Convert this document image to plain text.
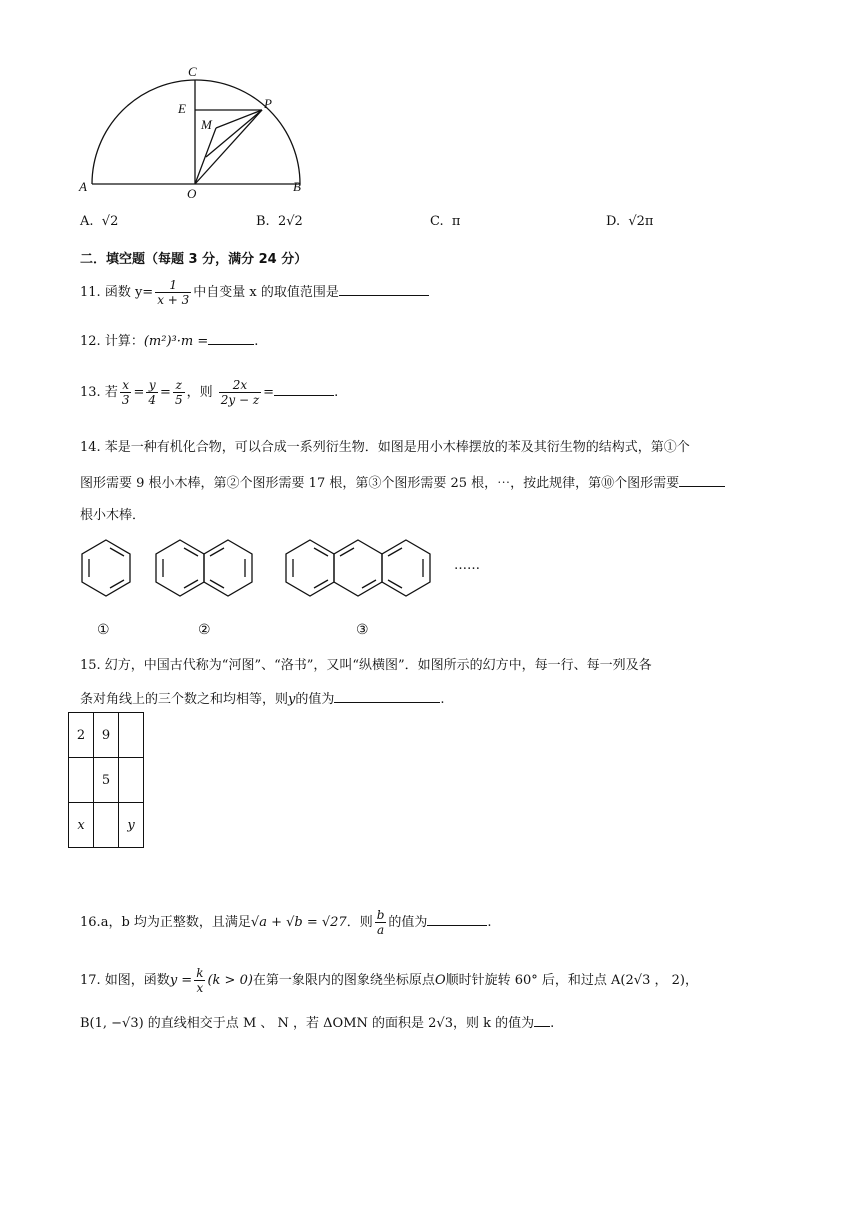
C
E	P
M
A	O	B
A. √2	B. 2√2	C. π	D. √2π
二．填空题（每题 3 分，满分 24 分）
11. 函数 $y= \frac{1}{x + 3}$ 中自变量 x 的取值范围是
12. 计算：(m²)³·m =	.
13. 若 $\frac{x}{3} = \frac{y}{4} = \frac{z}{5}$ ，则 $\frac{2x}{2y - z}$ =	.
14. 苯是一种有机化合物，可以合成一系列衍生物．如图是用小木棒摆放的苯及其衍生物的结构式，第①个
图形需要 9 根小木棒，第②个图形需要 17 根，第③个图形需要 25 根，⋯，按此规律，第⑩个图形需要
根小木棒．
……
①	②	③
15. 幻方，中国古代称为“河图”、“洛书”，又叫“纵横图”．如图所示的幻方中，每一行、每一列及各
条对角线上的三个数之和均相等，则y的值为	.
2	9	
	5	
x		y
16.a，b 均为正整数，且满足√a + √b = √27．则 $\frac{b}{a}$ 的值为	.
17. 如图，函数$y = \frac{k}{x} (k > 0)$在第一象限内的图象绕坐标原点O顺时针旋转 60° 后，和过点 A(2√3 ， 2)，
B(1, −√3) 的直线相交于点 M 、 N ，若 ΔOMN 的面积是 2√3，则 k 的值为 .
